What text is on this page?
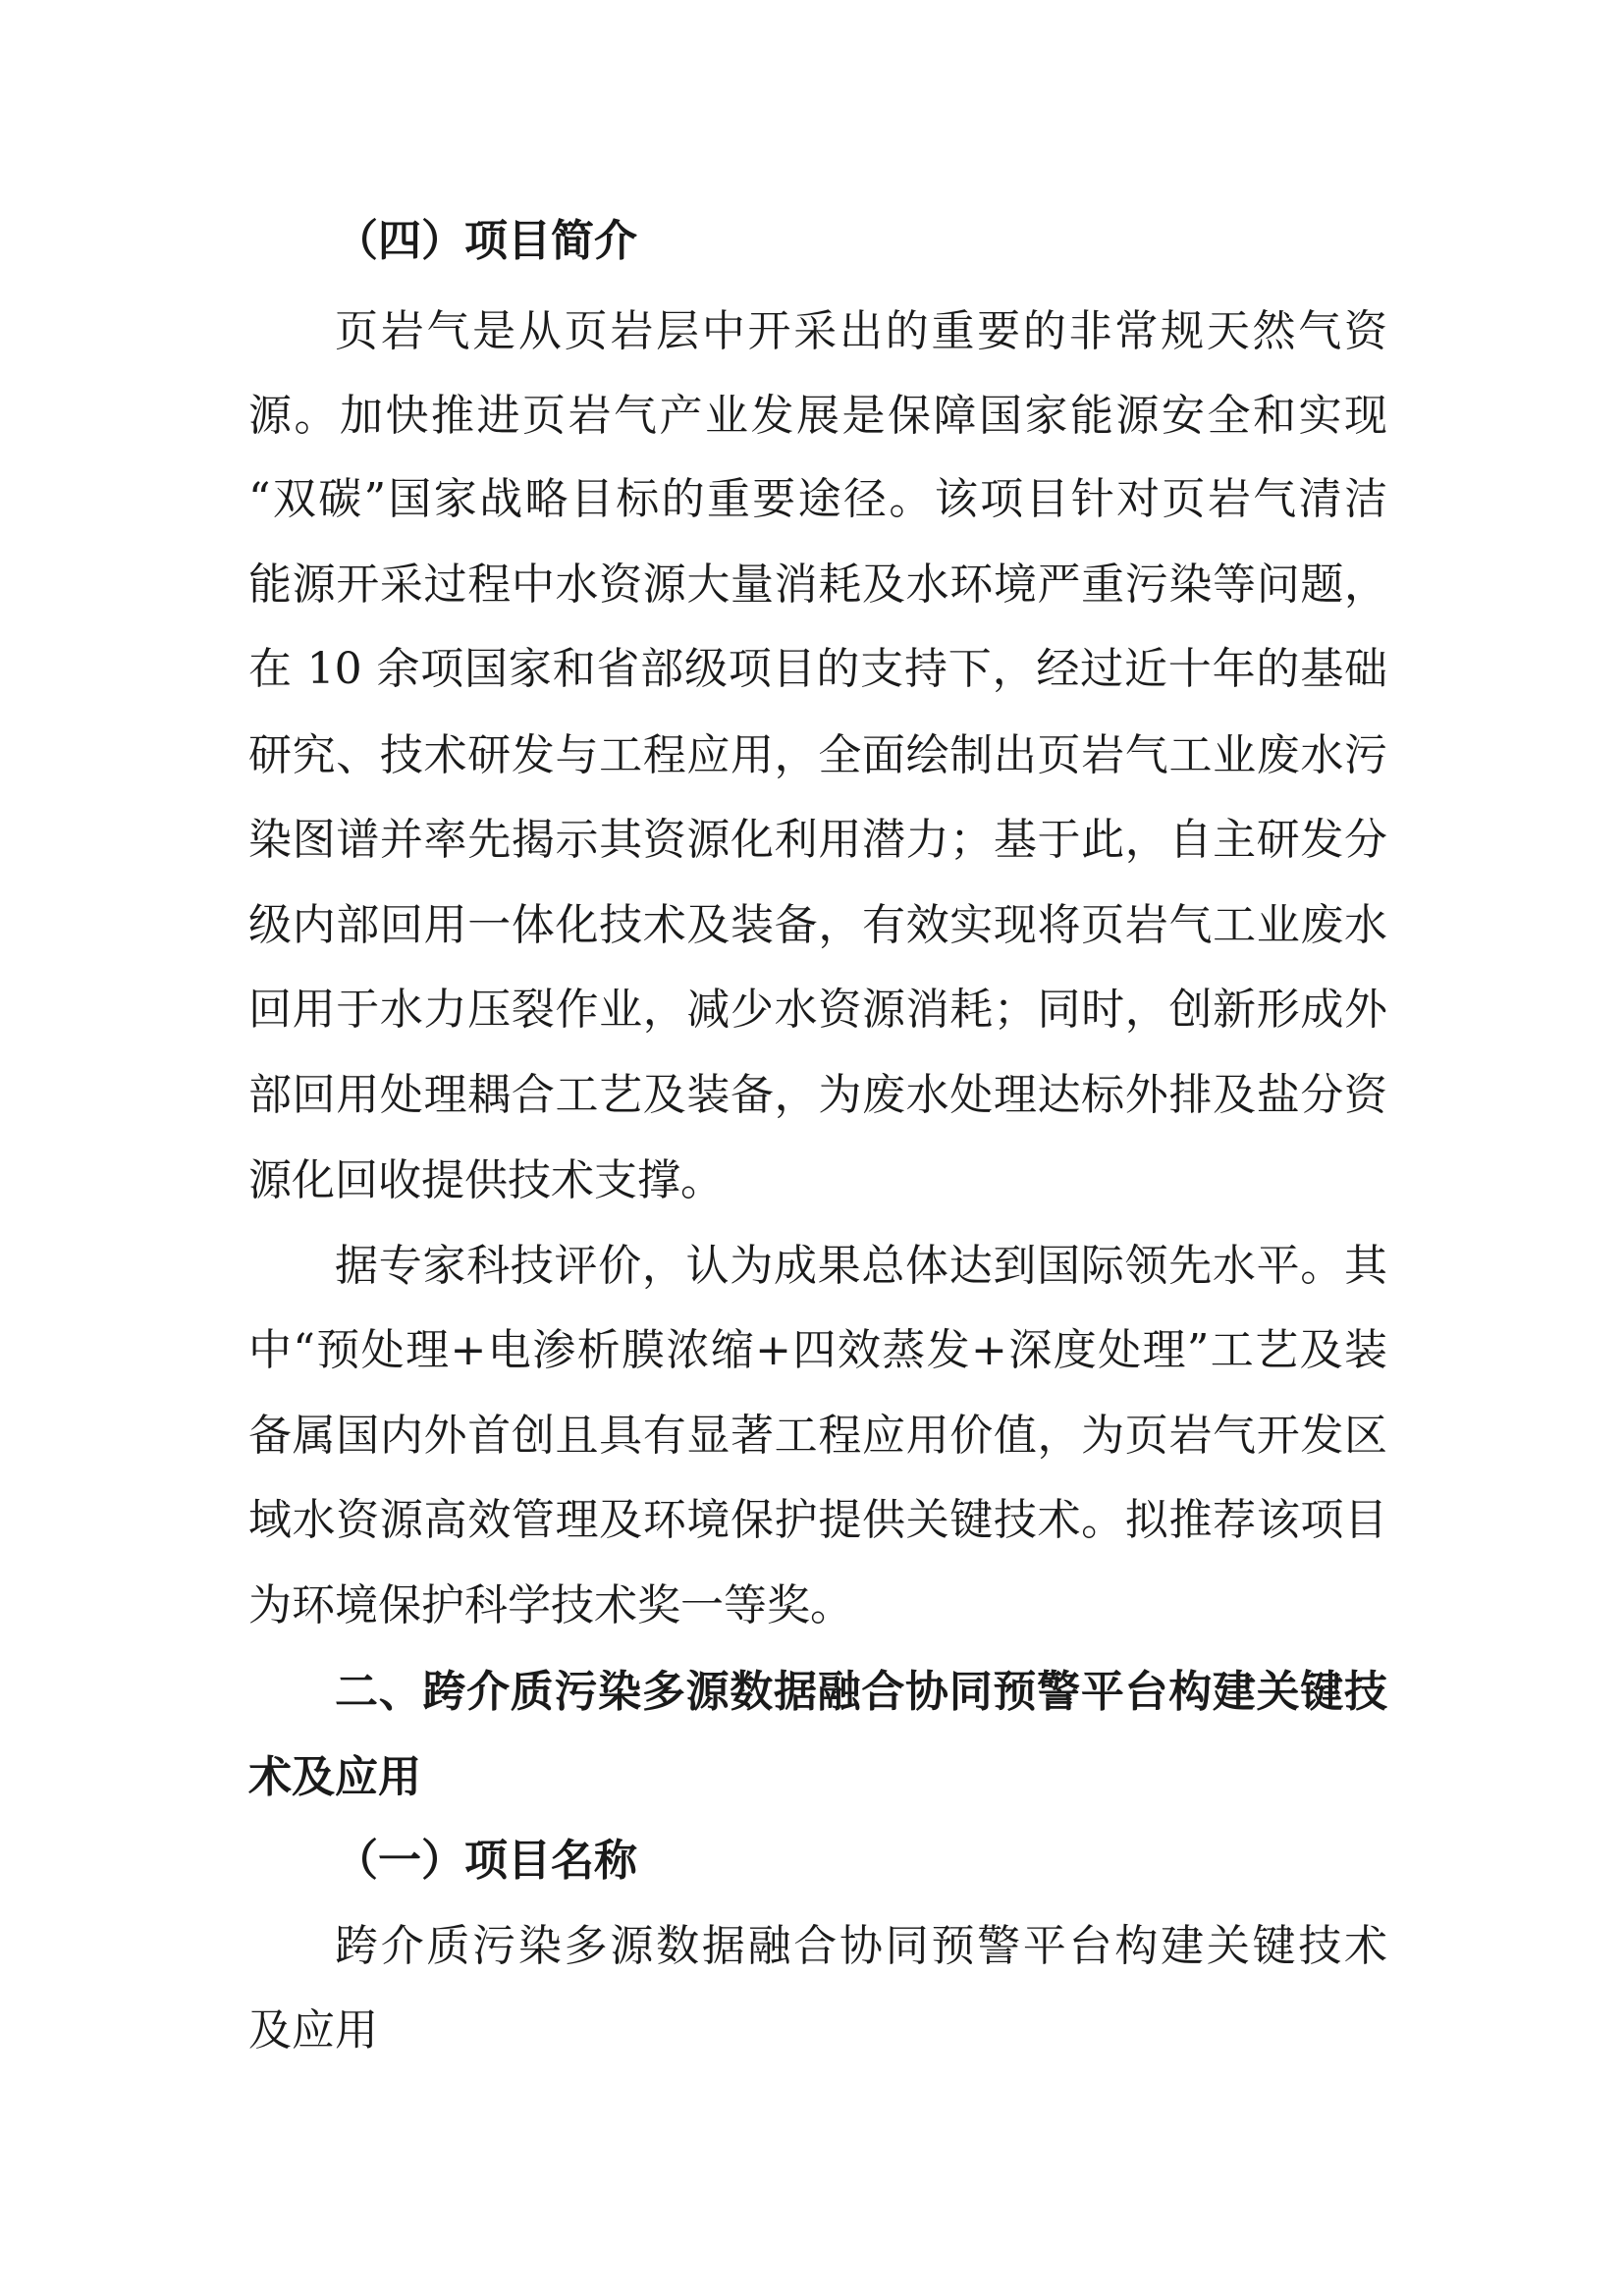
（四）项目简介
页岩气是从页岩层中开采出的重要的非常规天然气资
源。加快推进页岩气产业发展是保障国家能源安全和实现
“双碳”国家战略目标的重要途径。该项目针对页岩气清洁
能源开采过程中水资源大量消耗及水环境严重污染等问题，
在 10 余项国家和省部级项目的支持下，经过近十年的基础
研究、技术研发与工程应用，全面绘制出页岩气工业废水污
染图谱并率先揭示其资源化利用潜力；基于此，自主研发分
级内部回用一体化技术及装备，有效实现将页岩气工业废水
回用于水力压裂作业，减少水资源消耗；同时，创新形成外
部回用处理耦合工艺及装备，为废水处理达标外排及盐分资
源化回收提供技术支撑。
据专家科技评价，认为成果总体达到国际领先水平。其
中“预处理+电渗析膜浓缩+四效蒸发+深度处理”工艺及装
备属国内外首创且具有显著工程应用价值，为页岩气开发区
域水资源高效管理及环境保护提供关键技术。拟推荐该项目
为环境保护科学技术奖一等奖。
二、跨介质污染多源数据融合协同预警平台构建关键技
术及应用
（一）项目名称
跨介质污染多源数据融合协同预警平台构建关键技术
及应用
